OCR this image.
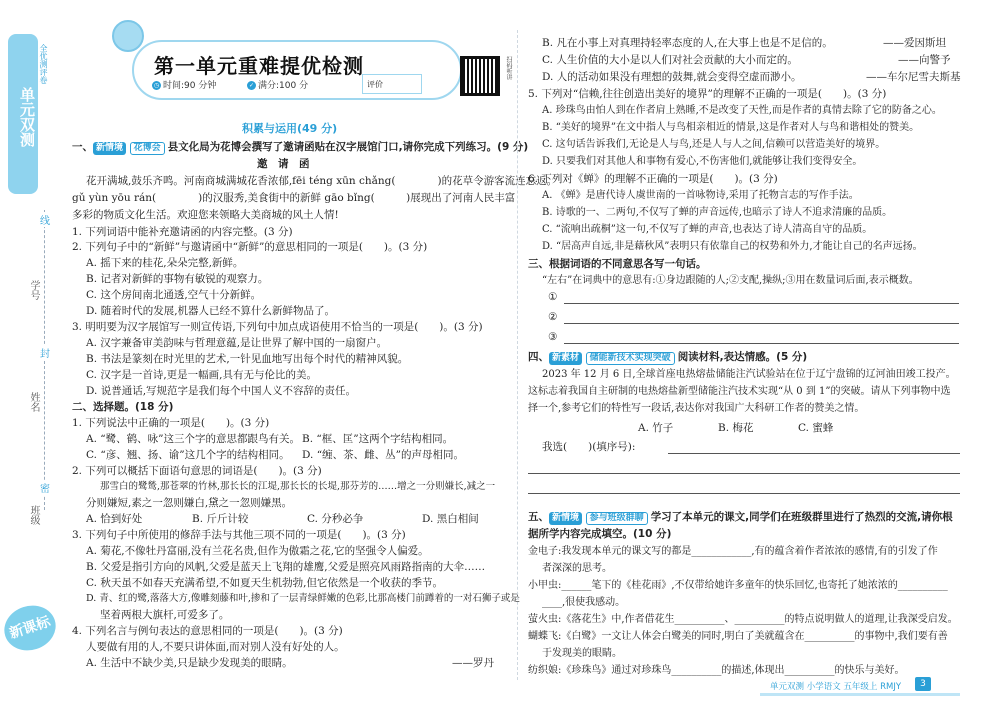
单元双测
全优测评卷
线
封
密
学号
姓名
班级
新课标
第一单元重难提优检测
◷ 时间:90 分钟	✓ 满分:100 分	评价
扫码听讲
积累与运用(49 分)
一、 新情境 花博会 县文化局为花博会撰写了邀请函贴在汉字展馆门口,请你完成下列练习。(9 分)
邀　请　函
花开满城,鼓乐齐鸣。河南商城满城花香浓郁,fēi téng xūn chǎng(　　　　)的花草令游客流连忘返。
gǔ yùn yōu rán(　　　　)的汉服秀,美食街中的新鲜 gāo bǐng(　　　)展现出了河南人民丰富
多彩的物质文化生活。欢迎您来领略大美商城的风土人情!
1. 下列词语中能补充邀请函的内容完整。(3 分)
2. 下列句子中的“新鲜”与邀请函中“新鲜”的意思相同的一项是(　　)。(3 分)
A. 摇下来的桂花,朵朵完整,新鲜。
B. 记者对新鲜的事物有敏锐的观察力。
C. 这个房间南北通透,空气十分新鲜。
D. 随着时代的发展,机器人已经不算什么新鲜物品了。
3. 明明要为汉字展馆写一则宣传语,下列句中加点成语使用不恰当的一项是(　　)。(3 分)
A. 汉字兼备审美韵味与哲理意蕴,是让世界了解中国的一扇窗户。
B. 书法是篆刻在时光里的艺术,一针见血地写出每个时代的精神风貌。
C. 汉字是一首诗,更是一幅画,具有无与伦比的美。
D. 说普通话,写规范字是我们每个中国人义不容辞的责任。
二、选择题。(18 分)
1. 下列说法中正确的一项是(　　)。(3 分)
A. “鹭、鹤、咏”这三个字的意思都跟鸟有关。 B. “框、匡”这两个字结构相同。
C. “彦、翘、扬、谕”这几个字的结构相同。 D. “缠、茶、雌、丛”的声母相同。
2. 下列可以概括下面语句意思的词语是(　　)。(3 分)
那雪白的鹭鸶,那苍翠的竹林,那长长的江堤,那长长的长堤,那芬芳的……增之一分则嫌长,减之一
分则嫌短,素之一忽则嫌白,黛之一忽则嫌黑。
A. 恰到好处	B. 斤斤计较	C. 分秒必争	D. 黑白相间
3. 下列句子中所使用的修辞手法与其他三项不同的一项是(　　)。(3 分)
A. 菊花,不像牡丹富丽,没有兰花名贵,但作为傲霜之花,它的坚强令人偏爱。
B. 父爱是指引方向的风帆,父爱是蓝天上飞翔的雄鹰,父爱是照亮风雨路指南的大伞……
C. 秋天虽不如春天充满希望,不如夏天生机勃勃,但它依然是一个收获的季节。
D. 青、红的鹭,落落大方,像雕刻藤和叶,掺和了一层青绿鲜嫩的色彩,比那高楼门前蹲着的一对石狮子或是
坚着两根大旗杆,可爱多了。
4. 下列名言与例句表达的意思相同的一项是(　　)。(3 分)
人要做有用的人,不要只讲体面,而对别人没有好处的人。
A. 生活中不缺少美,只是缺少发现美的眼睛。	——罗丹
B. 凡在小事上对真理持轻率态度的人,在大事上也是不足信的。	——爱因斯坦
C. 人生价值的大小是以人们对社会贡献的大小而定的。	——向警予
D. 人的活动如果没有理想的鼓舞,就会变得空虚而渺小。	——车尔尼雪夫斯基
5. 下列对“信赖,往往创造出美好的境界”的理解不正确的一项是(　　)。(3 分)
A. 珍珠鸟由怕人到在作者肩上熟睡,不是改变了天性,而是作者的真情去除了它的防备之心。
B. “美好的境界”在文中指人与鸟相亲相近的情景,这是作者对人与鸟和谐相处的赞美。
C. 这句话告诉我们,无论是人与鸟,还是人与人之间,信赖可以营造美好的境界。
D. 只要我们对其他人和事物有爱心,不伤害他们,就能够让我们变得安全。
6. 下列对《蝉》的理解不正确的一项是(　　)。(3 分)
A. 《蝉》是唐代诗人虞世南的一首咏物诗,采用了托物言志的写作手法。
B. 诗歌的一、二两句,不仅写了蝉的声音远传,也暗示了诗人不追求清廉的品质。
C. “流响出疏桐”这一句,不仅写了蝉的声音,也表达了诗人清高自守的品质。
D. “居高声自远,非是藉秋风”表明只有依靠自己的权势和外力,才能让自己的名声远扬。
三、根据词语的不同意思各写一句话。
“左右”在词典中的意思有:①身边跟随的人;②支配,操纵;③用在数量词后面,表示概数。
①
②
③
四、 新素材 储能新技术实现突破 阅读材料,表达情感。(5 分)
2023 年 12 月 6 日,全球首座电热熔盐储能注汽试验站在位于辽宁盘锦的辽河油田竣工投产。
这标志着我国自主研制的电热熔盐新型储能注汽技术实现“从 0 到 1”的突破。请从下列事物中选
择一个,参考它们的特性写一段话,表达你对我国广大科研工作者的赞美之情。
A. 竹子	B. 梅花	C. 蜜蜂
我选(　　)(填序号):
五、 新情境 参与班级群聊 学习了本单元的课文,同学们在班级群里进行了热烈的交流,请你根
据所学内容完成填空。(10 分)
金电子:我发现本单元的课文写的都是____________,有的蕴含着作者浓浓的感情,有的引发了作
者深深的思考。
小甲虫:______笔下的《桂花雨》,不仅带给她许多童年的快乐回忆,也寄托了她浓浓的__________
____,很使我感动。
萤火虫:《落花生》中,作者借花生__________、__________的特点说明做人的道理,让我深受启发。
蝴蝶飞:《白鹭》一文让人体会白鹭美的同时,明白了美就蕴含在__________的事物中,我们要有善
于发现美的眼睛。
纺织娘:《珍珠鸟》通过对珍珠鸟__________的描述,体现出__________的快乐与美好。
单元双测 小学语文 五年级上 RMJY	3
